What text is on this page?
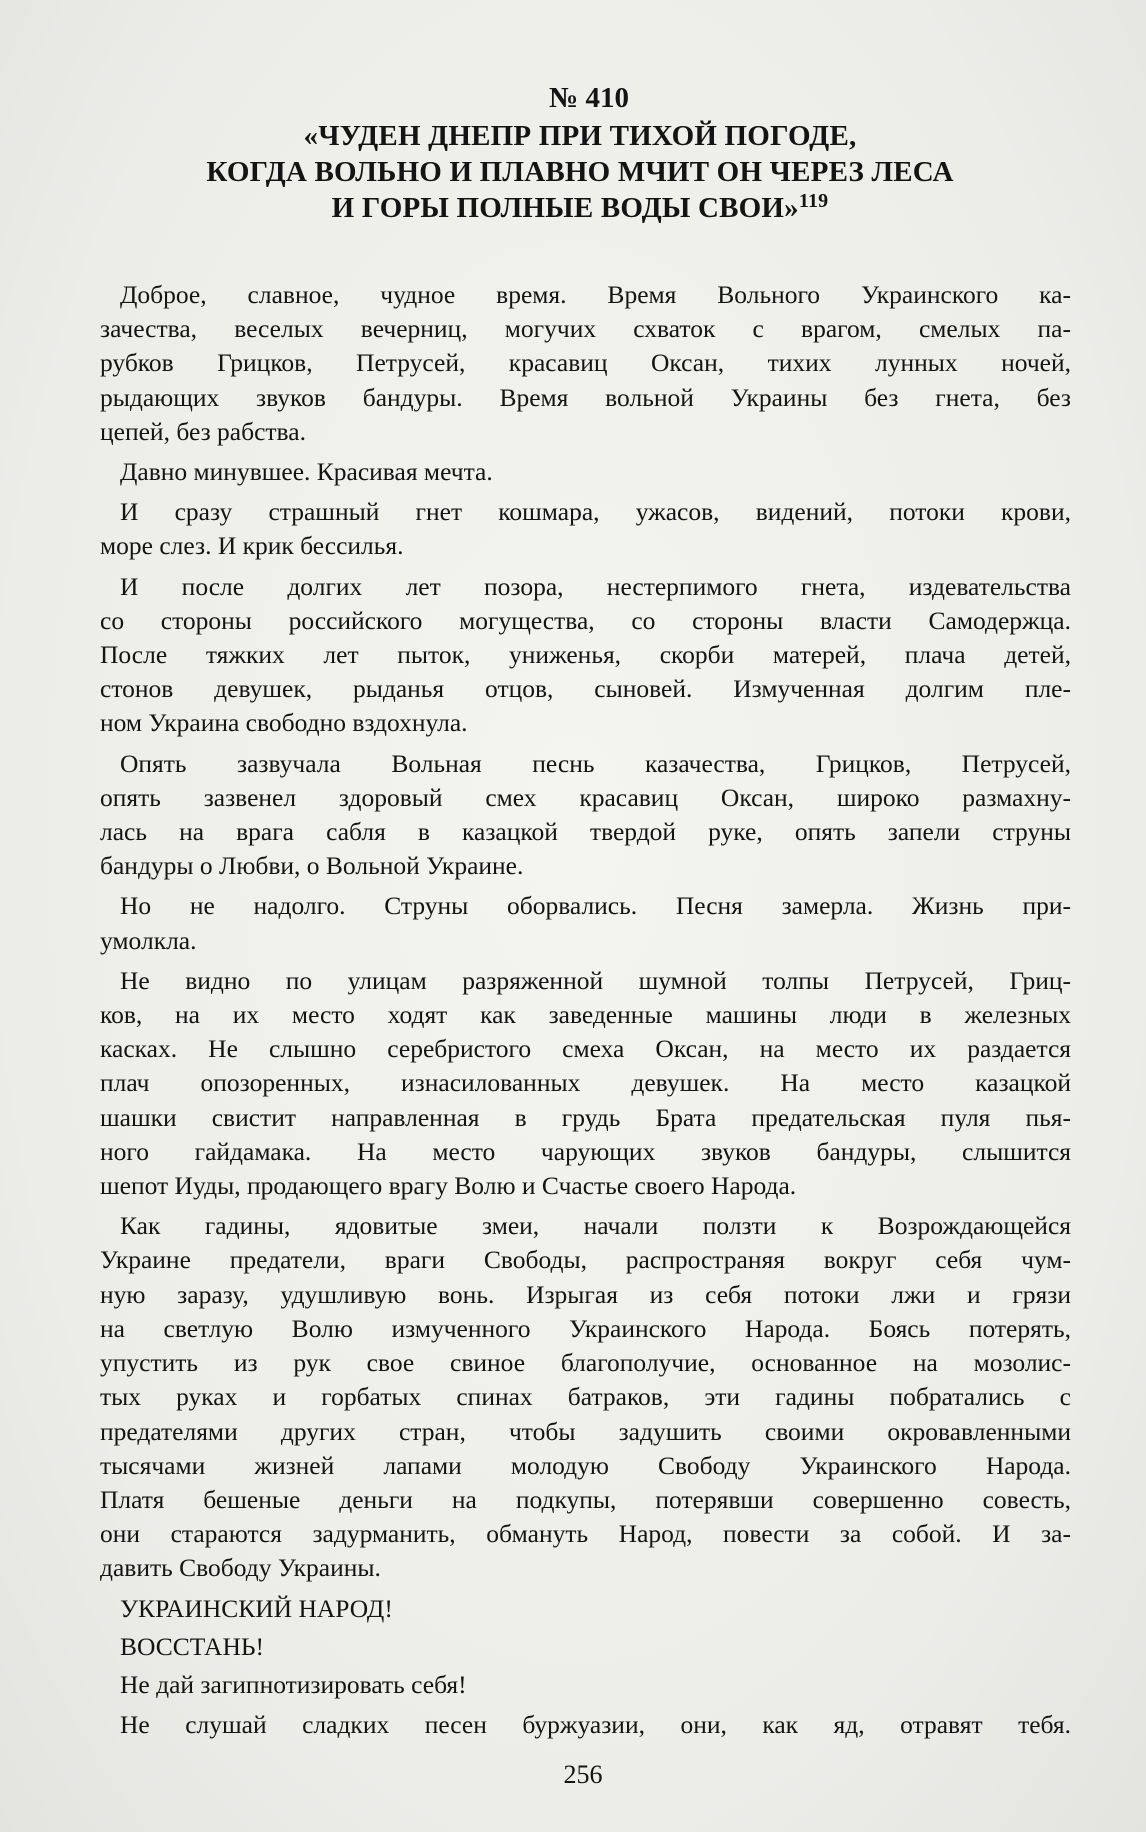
№ 410
«ЧУДЕН ДНЕПР ПРИ ТИХОЙ ПОГОДЕ,
КОГДА ВОЛЬНО И ПЛАВНО МЧИТ ОН ЧЕРЕЗ ЛЕСА
И ГОРЫ ПОЛНЫЕ ВОДЫ СВОИ»$^{119}$
Доброе, славное, чудное время. Время Вольного Украинского ка-
зачества, веселых вечерниц, могучих схваток с врагом, смелых па-
рубков Грицков, Петрусей, красавиц Оксан, тихих лунных ночей,
рыдающих звуков бандуры. Время вольной Украины без гнета, без
цепей, без рабства.
Давно минувшее. Красивая мечта.
И сразу страшный гнет кошмара, ужасов, видений, потоки крови,
море слез. И крик бессилья.
И после долгих лет позора, нестерпимого гнета, издевательства
со стороны российского могущества, со стороны власти Самодержца.
После тяжких лет пыток, униженья, скорби матерей, плача детей,
стонов девушек, рыданья отцов, сыновей. Измученная долгим пле-
ном Украина свободно вздохнула.
Опять зазвучала Вольная песнь казачества, Грицков, Петрусей,
опять зазвенел здоровый смех красавиц Оксан, широко размахну-
лась на врага сабля в казацкой твердой руке, опять запели струны
бандуры о Любви, о Вольной Украине.
Но не надолго. Струны оборвались. Песня замерла. Жизнь при-
умолкла.
Не видно по улицам разряженной шумной толпы Петрусей, Гриц-
ков, на их место ходят как заведенные машины люди в железных
касках. Не слышно серебристого смеха Оксан, на место их раздается
плач опозоренных, изнасилованных девушек. На место казацкой
шашки свистит направленная в грудь Брата предательская пуля пья-
ного гайдамака. На место чарующих звуков бандуры, слышится
шепот Иуды, продающего врагу Волю и Счастье своего Народа.
Как гадины, ядовитые змеи, начали ползти к Возрождающейся
Украине предатели, враги Свободы, распространяя вокруг себя чум-
ную заразу, удушливую вонь. Изрыгая из себя потоки лжи и грязи
на светлую Волю измученного Украинского Народа. Боясь потерять,
упустить из рук свое свиное благополучие, основанное на мозолис-
тых руках и горбатых спинах батраков, эти гадины побратались с
предателями других стран, чтобы задушить своими окровавленными
тысячами жизней лапами молодую Свободу Украинского Народа.
Платя бешеные деньги на подкупы, потерявши совершенно совесть,
они стараются задурманить, обмануть Народ, повести за собой. И за-
давить Свободу Украины.
УКРАИНСКИЙ НАРОД!
ВОССТАНЬ!
Не дай загипнотизировать себя!
Не слушай сладких песен буржуазии, они, как яд, отравят тебя.
256
